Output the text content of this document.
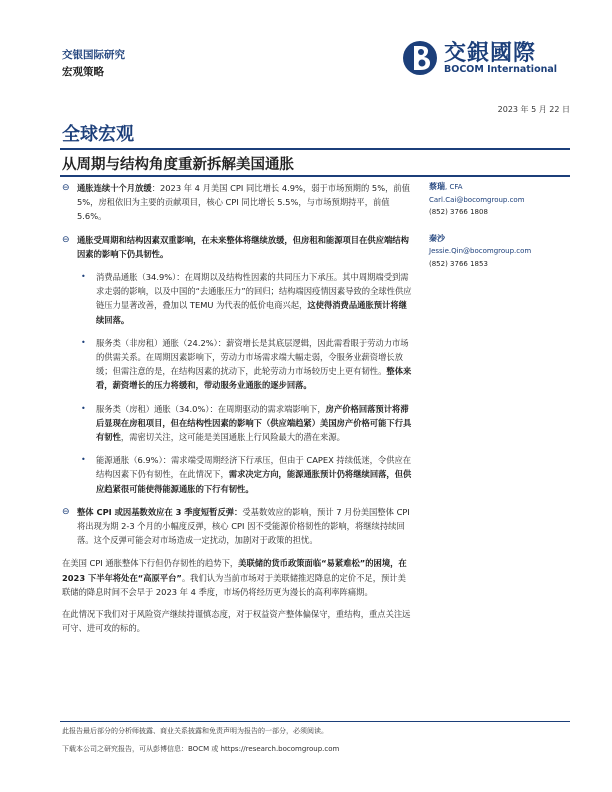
交银国际研究
宏观策略
交銀國際
BOCOM International
2023 年 5 月 22 日
全球宏观
从周期与结构角度重新拆解美国通胀
⊖ 通胀连续十个月放缓：2023 年 4 月美国 CPI 同比增长 4.9%，弱于市场预期的 5%，前值 5%，房租依旧为主要的贡献项目，核心 CPI 同比增长 5.5%，与市场预期持平，前值 5.6%。
⊖ 通胀受周期和结构因素双重影响，在未来整体将继续放缓，但房租和能源项目在供应端结构因素的影响下仍具韧性。
• 消费品通胀（34.9%）：在周期以及结构性因素的共同压力下承压。其中周期端受到需求走弱的影响，以及中国的“去通胀压力”的回归；结构端因疫情因素导致的全球性供应链压力显著改善，叠加以 TEMU 为代表的低价电商兴起，这使得消费品通胀预计将继续回落。
• 服务类（非房租）通胀（24.2%）：薪资增长是其底层逻辑，因此需看眼于劳动力市场的供需关系。在周期因素影响下，劳动力市场需求端大幅走弱，令服务业薪资增长放缓；但需注意的是，在结构因素的扰动下，此轮劳动力市场较历史上更有韧性。整体来看，薪资增长的压力将缓和，带动服务业通胀的逐步回落。
• 服务类（房租）通胀（34.0%）：在周期驱动的需求端影响下，房产价格回落预计将滞后显现在房租项目，但在结构性因素的影响下（供应端趋紧）美国房产价格可能下行具有韧性，需密切关注，这可能是美国通胀上行风险最大的潜在来源。
• 能源通胀（6.9%）：需求端受周期经济下行承压，但由于 CAPEX 持续低迷，令供应在结构因素下仍有韧性，在此情况下，需求决定方向，能源通胀预计仍将继续回落，但供应趋紧很可能使得能源通胀的下行有韧性。
⊖ 整体 CPI 或因基数效应在 3 季度短暂反弹：受基数效应的影响，预计 7 月份美国整体 CPI 将出现为期 2-3 个月的小幅度反弹，核心 CPI 因不受能源价格韧性的影响，将继续持续回落。这个反弹可能会对市场造成一定扰动，加剧对于政策的担忧。
在美国 CPI 通胀整体下行但仍存韧性的趋势下，美联储的货币政策面临“易紧难松”的困境，在 2023 下半年将处在“高原平台”。我们认为当前市场对于美联储推迟降息的定价不足，预计美联储的降息时间不会早于 2023 年 4 季度，市场仍将经历更为漫长的高利率阵痛期。
在此情况下我们对于风险资产继续持谨慎态度，对于权益资产整体偏保守，重结构，重点关注远可守、进可攻的标的。
蔡瑞, CFA
Carl.Cai@bocomgroup.com
(852) 3766 1808
秦沙
Jessie.Qin@bocomgroup.com
(852) 3766 1853
此报告最后部分的分析师披露、商业关系披露和免责声明为报告的一部分，必须阅读。
下载本公司之研究报告，可从彭博信息：BOCM 或 https://research.bocomgroup.com
